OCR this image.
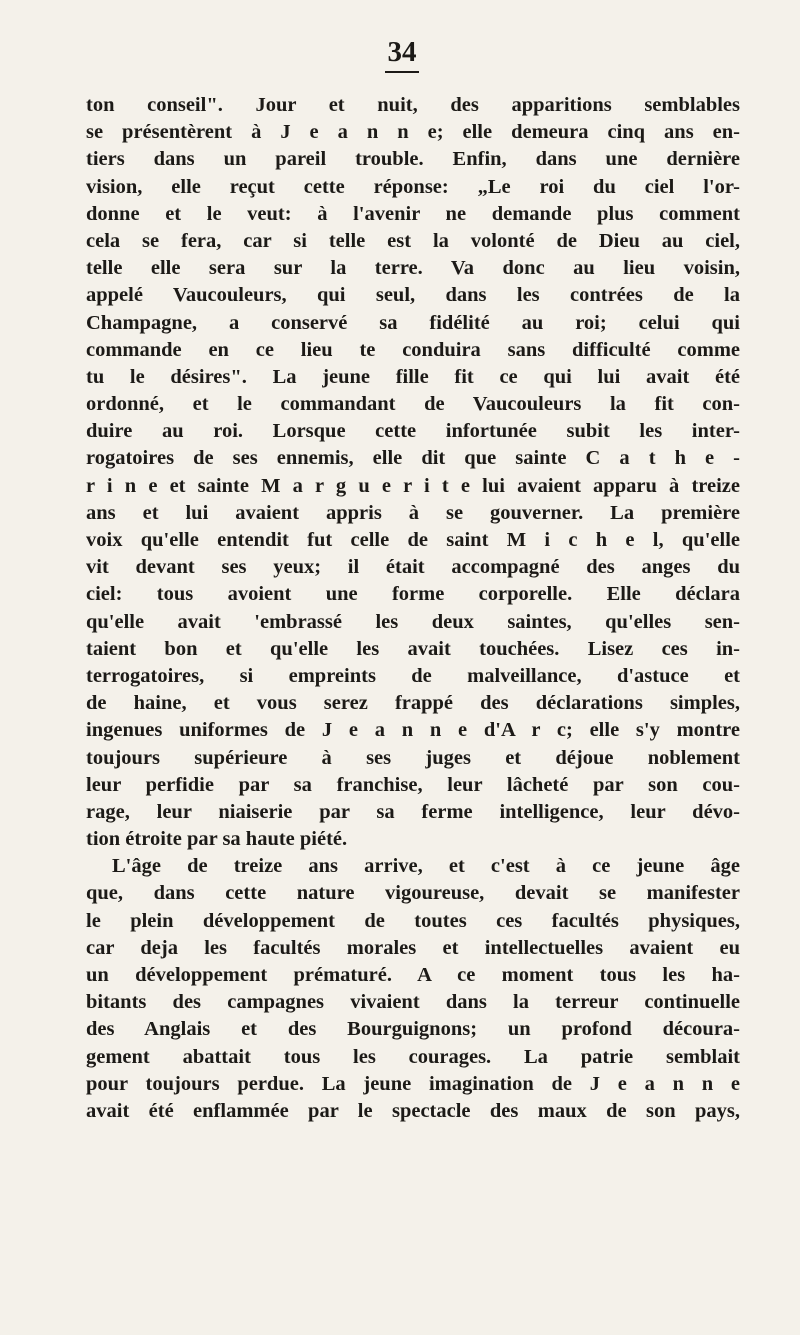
34
ton conseil". Jour et nuit, des apparitions semblables
se présentèrent à J e a n n e; elle demeura cinq ans en-
tiers dans un pareil trouble. Enfin, dans une dernière
vision, elle reçut cette réponse: „Le roi du ciel l'or-
donne et le veut: à l'avenir ne demande plus comment
cela se fera, car si telle est la volonté de Dieu au ciel,
telle elle sera sur la terre. Va donc au lieu voisin,
appelé Vaucouleurs, qui seul, dans les contrées de la
Champagne, a conservé sa fidélité au roi; celui qui
commande en ce lieu te conduira sans difficulté comme
tu le désires". La jeune fille fit ce qui lui avait été
ordonné, et le commandant de Vaucouleurs la fit con-
duire au roi. Lorsque cette infortunée subit les inter-
rogatoires de ses ennemis, elle dit que sainte C a t h e -
r i n e et sainte M a r g u e r i t e lui avaient apparu à treize
ans et lui avaient appris à se gouverner. La première
voix qu'elle entendit fut celle de saint M i c h e l, qu'elle
vit devant ses yeux; il était accompagné des anges du
ciel: tous avoient une forme corporelle. Elle déclara
qu'elle avait 'embrassé les deux saintes, qu'elles sen-
taient bon et qu'elle les avait touchées. Lisez ces in-
terrogatoires, si empreints de malveillance, d'astuce et
de haine, et vous serez frappé des déclarations simples,
ingenues uniformes de J e a n n e d'A r c; elle s'y montre
toujours supérieure à ses juges et déjoue noblement
leur perfidie par sa franchise, leur lâcheté par son cou-
rage, leur niaiserie par sa ferme intelligence, leur dévo-
tion étroite par sa haute piété.
L'âge de treize ans arrive, et c'est à ce jeune âge
que, dans cette nature vigoureuse, devait se manifester
le plein développement de toutes ces facultés physiques,
car deja les facultés morales et intellectuelles avaient eu
un développement prématuré. A ce moment tous les ha-
bitants des campagnes vivaient dans la terreur continuelle
des Anglais et des Bourguignons; un profond découra-
gement abattait tous les courages. La patrie semblait
pour toujours perdue. La jeune imagination de J e a n n e
avait été enflammée par le spectacle des maux de son pays,
